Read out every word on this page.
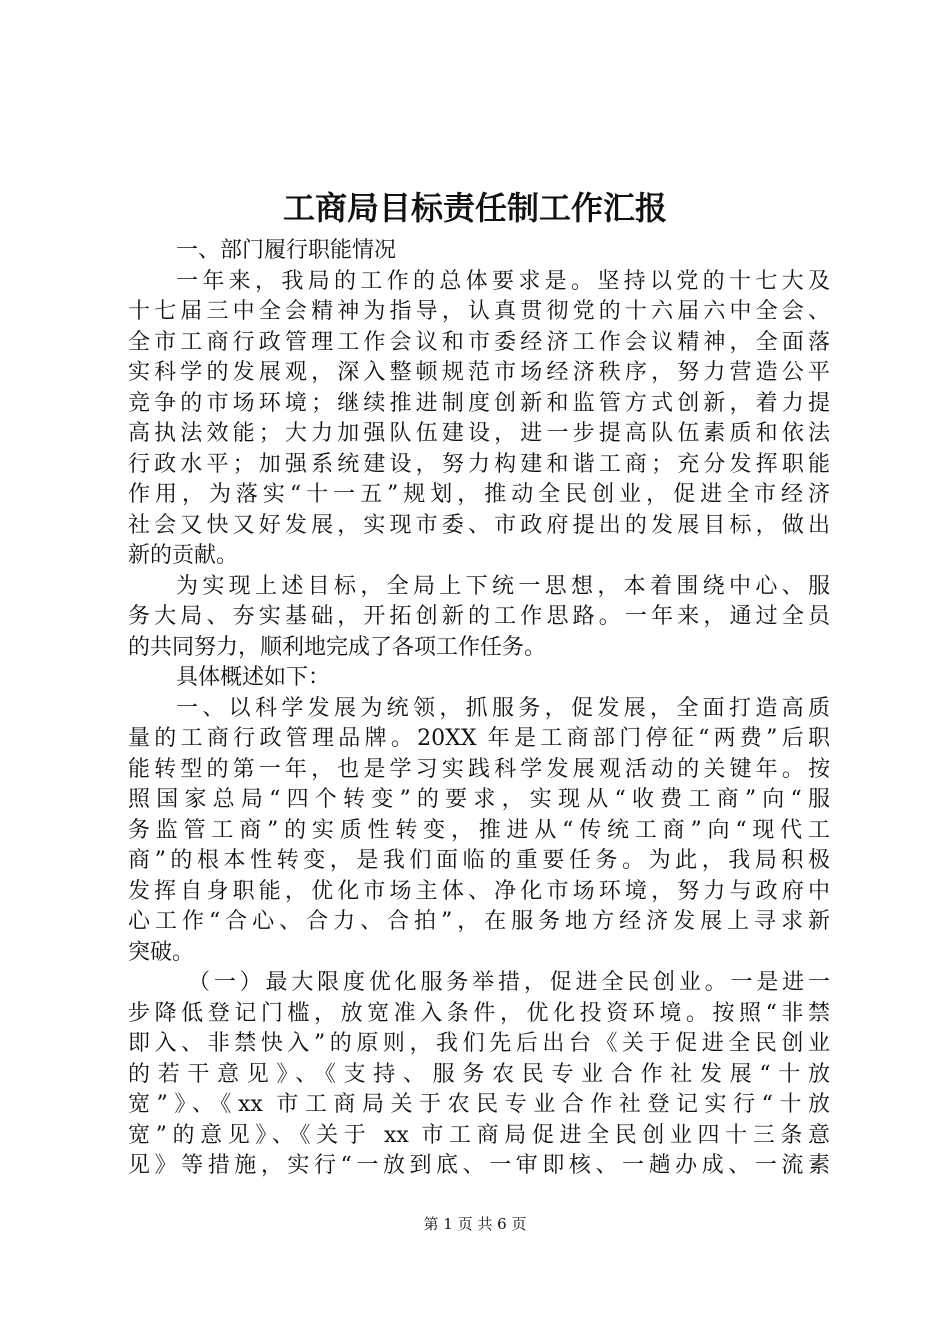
工商局目标责任制工作汇报
一、部门履行职能情况
一年来，我局的工作的总体要求是。坚持以党的十七大及
十七届三中全会精神为指导，认真贯彻党的十六届六中全会、
全市工商行政管理工作会议和市委经济工作会议精神，全面落
实科学的发展观，深入整顿规范市场经济秩序，努力营造公平
竞争的市场环境；继续推进制度创新和监管方式创新，着力提
高执法效能；大力加强队伍建设，进一步提高队伍素质和依法
行政水平；加强系统建设，努力构建和谐工商；充分发挥职能
作用，为落实“十一五”规划，推动全民创业，促进全市经济
社会又快又好发展，实现市委、市政府提出的发展目标，做出
新的贡献。
为实现上述目标，全局上下统一思想，本着围绕中心、服
务大局、夯实基础，开拓创新的工作思路。一年来，通过全员
的共同努力，顺利地完成了各项工作任务。
具体概述如下：
一、以科学发展为统领，抓服务，促发展，全面打造高质
量的工商行政管理品牌。20XX 年是工商部门停征“两费”后职
能转型的第一年，也是学习实践科学发展观活动的关键年。按
照国家总局“四个转变”的要求，实现从“收费工商”向“服
务监管工商”的实质性转变，推进从“传统工商”向“现代工
商”的根本性转变，是我们面临的重要任务。为此，我局积极
发挥自身职能，优化市场主体、净化市场环境，努力与政府中
心工作“合心、合力、合拍”，在服务地方经济发展上寻求新
突破。
（一）最大限度优化服务举措，促进全民创业。一是进一
步降低登记门槛，放宽准入条件，优化投资环境。按照“非禁
即入、非禁快入”的原则，我们先后出台《关于促进全民创业
的若干意见》、《支持、服务农民专业合作社发展“十放
宽”》、《xx 市工商局关于农民专业合作社登记实行“十放
宽”的意见》、《关于 xx 市工商局促进全民创业四十三条意
见》等措施，实行“一放到底、一审即核、一趟办成、一流素
第 1 页 共 6 页
